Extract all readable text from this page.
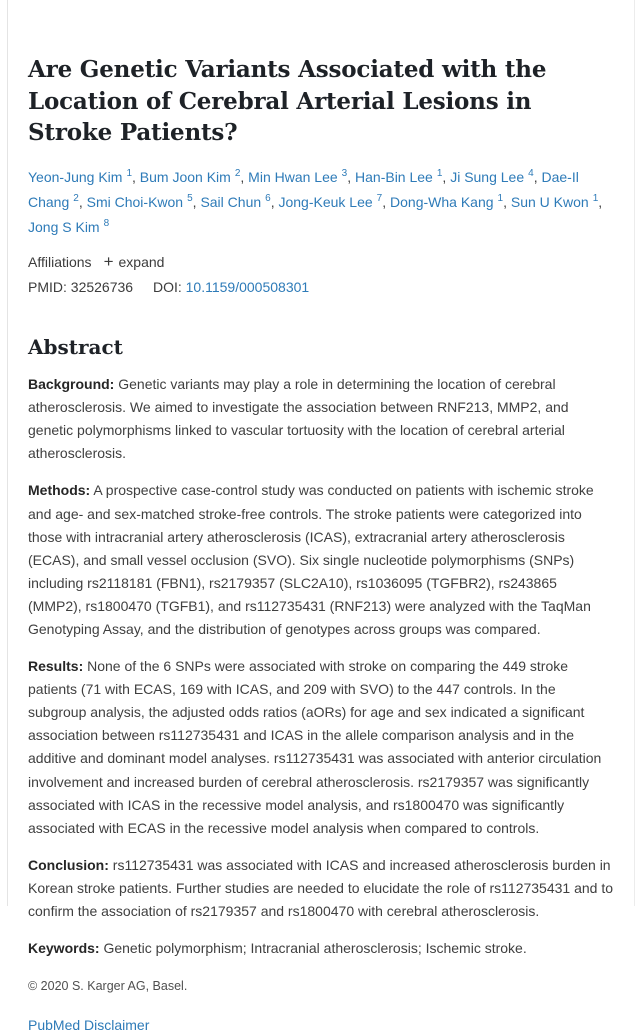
Are Genetic Variants Associated with the Location of Cerebral Arterial Lesions in Stroke Patients?
Yeon-Jung Kim $^1$, Bum Joon Kim $^2$, Min Hwan Lee $^3$, Han-Bin Lee $^1$, Ji Sung Lee $^4$, Dae-Il Chang $^2$, Smi Choi-Kwon $^5$, Sail Chun $^6$, Jong-Keuk Lee $^7$, Dong-Wha Kang $^1$, Sun U Kwon $^1$, Jong S Kim $^8$
Affiliations + expand
PMID: 32526736 DOI: 10.1159/000508301
Abstract

Background: Genetic variants may play a role in determining the location of cerebral atherosclerosis. We aimed to investigate the association between RNF213, MMP2, and genetic polymorphisms linked to vascular tortuosity with the location of cerebral arterial atherosclerosis.

Methods: A prospective case-control study was conducted on patients with ischemic stroke and age- and sex-matched stroke-free controls. The stroke patients were categorized into those with intracranial artery atherosclerosis (ICAS), extracranial artery atherosclerosis (ECAS), and small vessel occlusion (SVO). Six single nucleotide polymorphisms (SNPs) including rs2118181 (FBN1), rs2179357 (SLC2A10), rs1036095 (TGFBR2), rs243865 (MMP2), rs1800470 (TGFB1), and rs112735431 (RNF213) were analyzed with the TaqMan Genotyping Assay, and the distribution of genotypes across groups was compared.

Results: None of the 6 SNPs were associated with stroke on comparing the 449 stroke patients (71 with ECAS, 169 with ICAS, and 209 with SVO) to the 447 controls. In the subgroup analysis, the adjusted odds ratios (aORs) for age and sex indicated a significant association between rs112735431 and ICAS in the allele comparison analysis and in the additive and dominant model analyses. rs112735431 was associated with anterior circulation involvement and increased burden of cerebral atherosclerosis. rs2179357 was significantly associated with ICAS in the recessive model analysis, and rs1800470 was significantly associated with ECAS in the recessive model analysis when compared to controls.

Conclusion: rs112735431 was associated with ICAS and increased atherosclerosis burden in Korean stroke patients. Further studies are needed to elucidate the role of rs112735431 and to confirm the association of rs2179357 and rs1800470 with cerebral atherosclerosis.

Keywords: Genetic polymorphism; Intracranial atherosclerosis; Ischemic stroke.

© 2020 S. Karger AG, Basel.

PubMed Disclaimer
